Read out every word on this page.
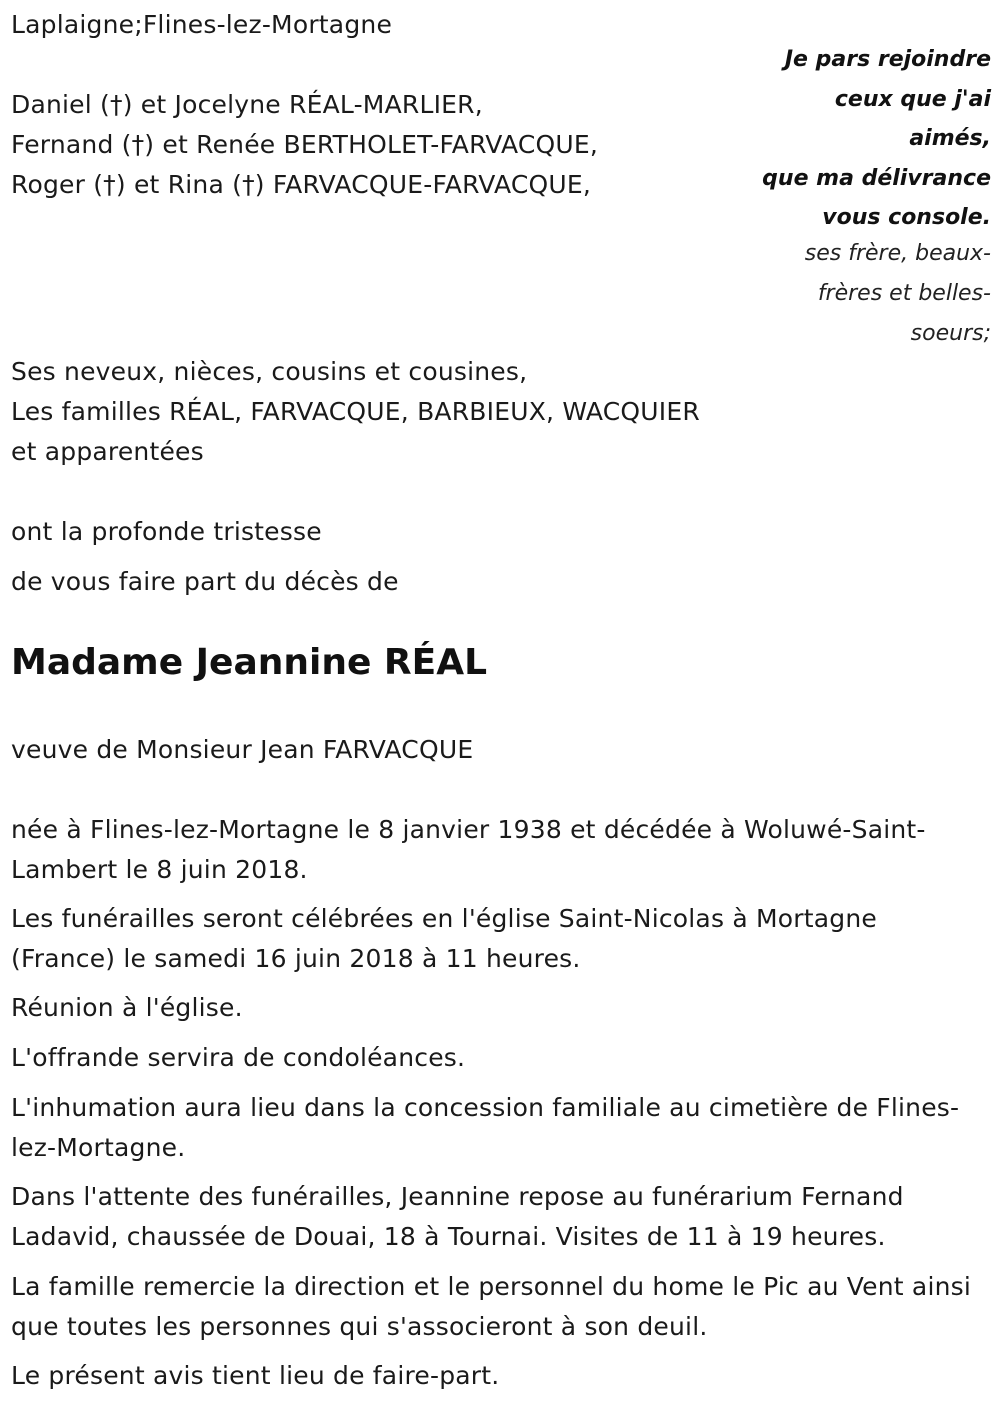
Laplaigne;Flines-lez-Mortagne
Daniel (†) et Jocelyne RÉAL-MARLIER,
Fernand (†) et Renée BERTHOLET-FARVACQUE,
Roger (†) et Rina (†) FARVACQUE-FARVACQUE,
Je pars rejoindre
ceux que j'ai
aimés,
que ma délivrance
vous console.
ses frère, beaux-
frères et belles-
soeurs;
Ses neveux, nièces, cousins et cousines,
Les familles RÉAL, FARVACQUE, BARBIEUX, WACQUIER
et apparentées
ont la profonde tristesse
de vous faire part du décès de
Madame Jeannine RÉAL
veuve de Monsieur Jean FARVACQUE
née à Flines-lez-Mortagne le 8 janvier 1938 et décédée à Woluwé-Saint-Lambert le 8 juin 2018.
Les funérailles seront célébrées en l'église Saint-Nicolas à Mortagne (France) le samedi 16 juin 2018 à 11 heures.
Réunion à l'église.
L'offrande servira de condoléances.
L'inhumation aura lieu dans la concession familiale au cimetière de Flines-lez-Mortagne.
Dans l'attente des funérailles, Jeannine repose au funérarium Fernand Ladavid, chaussée de Douai, 18 à Tournai. Visites de 11 à 19 heures.
La famille remercie la direction et le personnel du home le Pic au Vent ainsi que toutes les personnes qui s'associeront à son deuil.
Le présent avis tient lieu de faire-part.
